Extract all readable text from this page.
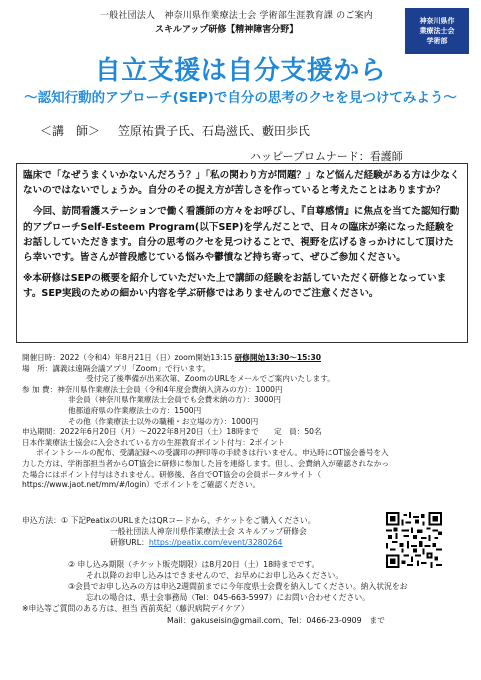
一般社団法人　神奈川県作業療法士会 学術部生涯教育課 のご案内
スキルアップ研修【精神障害分野】
神奈川県作
業療法士会
学術部
自立支援は自分支援から
〜認知行動的アプローチ(SEP)で自分の思考のクセを見つけてみよう〜
＜講　師＞ 笠原祐貴子氏、石島滋氏、藪田歩氏
ハッピープロムナード：看護師

臨床で「なぜうまくいかないんだろう？」「私の関わり方が問題？」など悩んだ経験がある方は少なくないのではないでしょうか。自分のその捉え方が苦しさを作っていると考えたことはありますか？

今回、訪問看護ステーションで働く看護師の方々をお呼びし、『自尊感情』に焦点を当てた認知行動的アプローチSelf-Esteem Program(以下SEP)を学んだことで、日々の臨床が楽になった経験をお話ししていただきます。自分の思考のクセを見つけることで、視野を広げるきっかけにして頂けたら幸いです。皆さんが普段感じている悩みや鬱憤など持ち寄って、ぜひご参加ください。

※本研修はSEPの概要を紹介していただいた上で講師の経験をお話していただく研修となっています。SEP実践のための細かい内容を学ぶ研修ではありませんのでご注意ください。

開催日時：2022（令和4）年8月21日（日）zoom開始13:15 研修開始13:30〜15:30
場　所：講義は遠隔会議アプリ「Zoom」で行います。
受付完了後準備が出来次第、ZoomのURLをメールでご案内いたします。
参 加 費：神奈川県作業療法士会員（令和4年度会費納入済みの方）：1000円
非会員（神奈川県作業療法士会員でも会費未納の方）：3000円
他都道府県の作業療法士の方：1500円
その他（作業療法士以外の職種・お立場の方）：1000円
申込期間：2022年6月20日（月）〜2022年8月20日（土）18時まで　　定　員：50名
日本作業療法士協会に入会されている方の生涯教育ポイント付与：2ポイント
ポイントシールの配布、受講記録への受講印の押印等の手続きは行いません。申込時にOT協会番号を入
力した方は、学術部担当者からOT協会に研修に参加した旨を連絡します。但し、会費納入が確認されなかっ
た場合にはポイント付与はされません。研修後、各自でOT協会の会員ポータルサイト（
https://www.jaot.net/mm/#/login）でポイントをご確認ください。
申込方法：① 下記PeatixのURLまたはQRコードから、チケットをご購入ください。
一般社団法人神奈川県作業療法士会 スキルアップ研修会
研修URL：https://peatix.com/event/3280264
② 申し込み期限（チケット販売期限）は8月20日（土）18時までです。
それ以降のお申し込みはできませんので、お早めにお申し込みください。
③会員でお申し込みの方は申込2週間前までに今年度県士会費を納入してください。納入状況をお
忘れの場合は、県士会事務局（Tel：045-663-5997）にお問い合わせください。
※申込等ご質問のある方は、担当 西前英紀（藤沢病院デイケア）
Mail：gakuseisin@gmail.com、Tel：0466-23-0909　まで
